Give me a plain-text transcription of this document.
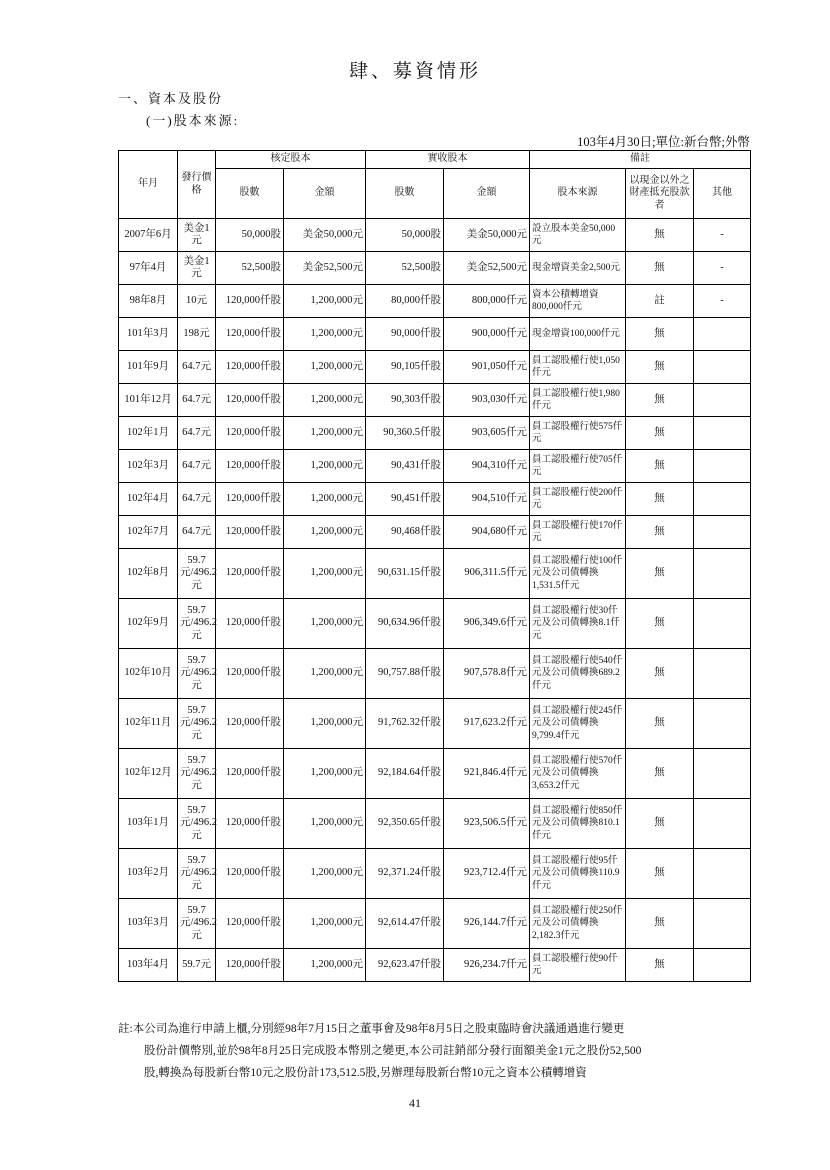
肆、募資情形
一、資本及股份
(一)股本來源:
103年4月30日;單位:新台幣;外幣
年月	發行價格	核定股本		實收股本		備註		
		股數	金額	股數	金額	股本來源	以現金以外之財產抵充股款者	其他
2007年6月	美金1元	50,000股	美金50,000元	50,000股	美金50,000元	設立股本美金50,000元	無	-
97年4月	美金1元	52,500股	美金52,500元	52,500股	美金52,500元	現金增資美金2,500元	無	-
98年8月	10元	120,000仟股	1,200,000元	80,000仟股	800,000仟元	資本公積轉增資800,000仟元	註	-
101年3月	198元	120,000仟股	1,200,000元	90,000仟股	900,000仟元	現金增資100,000仟元	無	
101年9月	64.7元	120,000仟股	1,200,000元	90,105仟股	901,050仟元	員工認股權行使1,050仟元	無	
101年12月	64.7元	120,000仟股	1,200,000元	90,303仟股	903,030仟元	員工認股權行使1,980仟元	無	
102年1月	64.7元	120,000仟股	1,200,000元	90,360.5仟股	903,605仟元	員工認股權行使575仟元	無	
102年3月	64.7元	120,000仟股	1,200,000元	90,431仟股	904,310仟元	員工認股權行使705仟元	無	
102年4月	64.7元	120,000仟股	1,200,000元	90,451仟股	904,510仟元	員工認股權行使200仟元	無	
102年7月	64.7元	120,000仟股	1,200,000元	90,468仟股	904,680仟元	員工認股權行使170仟元	無	
102年8月	59.7元/496.2元	120,000仟股	1,200,000元	90,631.15仟股	906,311.5仟元	員工認股權行使100仟元及公司債轉換1,531.5仟元	無	
102年9月	59.7元/496.2元	120,000仟股	1,200,000元	90,634.96仟股	906,349.6仟元	員工認股權行使30仟元及公司債轉換8.1仟元	無	
102年10月	59.7元/496.2元	120,000仟股	1,200,000元	90,757.88仟股	907,578.8仟元	員工認股權行使540仟元及公司債轉換689.2仟元	無	
102年11月	59.7元/496.2元	120,000仟股	1,200,000元	91,762.32仟股	917,623.2仟元	員工認股權行使245仟元及公司債轉換9,799.4仟元	無	
102年12月	59.7元/496.2元	120,000仟股	1,200,000元	92,184.64仟股	921,846.4仟元	員工認股權行使570仟元及公司債轉換3,653.2仟元	無	
103年1月	59.7元/496.2元	120,000仟股	1,200,000元	92,350.65仟股	923,506.5仟元	員工認股權行使850仟元及公司債轉換810.1仟元	無	
103年2月	59.7元/496.2元	120,000仟股	1,200,000元	92,371.24仟股	923,712.4仟元	員工認股權行使95仟元及公司債轉換110.9仟元	無	
103年3月	59.7元/496.2元	120,000仟股	1,200,000元	92,614.47仟股	926,144.7仟元	員工認股權行使250仟元及公司債轉換2,182.3仟元	無	
103年4月	59.7元	120,000仟股	1,200,000元	92,623.47仟股	926,234.7仟元	員工認股權行使90仟元	無	

註:本公司為進行申請上櫃,分別經98年7月15日之董事會及98年8月5日之股東臨時會決議通過進行變更

股份計價幣別,並於98年8月25日完成股本幣別之變更,本公司註銷部分發行面額美金1元之股份52,500

股,轉換為每股新台幣10元之股份計173,512.5股,另辦理每股新台幣10元之資本公積轉增資

41
